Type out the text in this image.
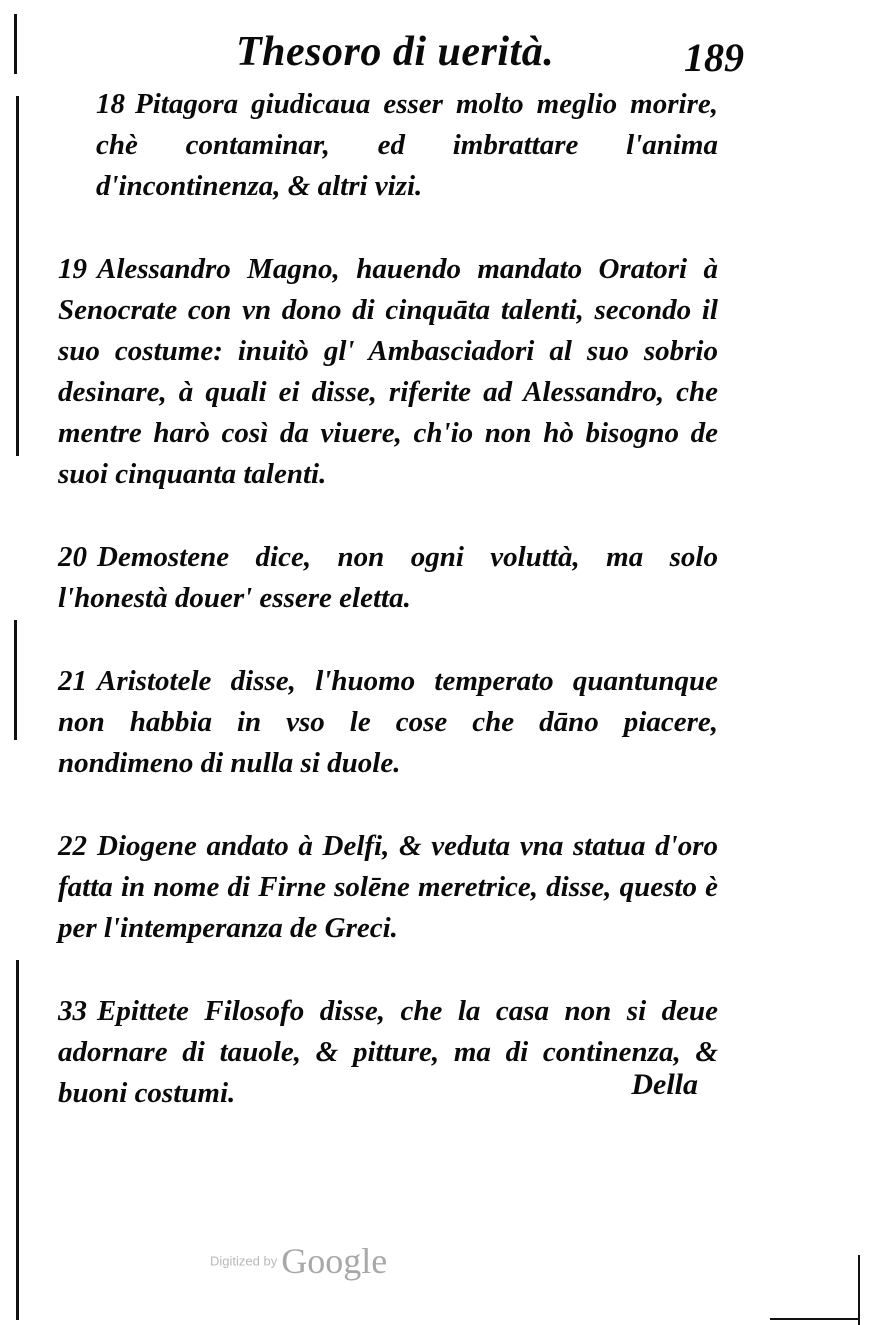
Thesoro di uerità.	189

18 Pitagora giudicaua esser molto meglio morire, chè contaminar, ed imbrattare l'anima d'incontinenza, & altri vizi.

19 Alessandro Magno, hauendo mandato Oratori à Senocrate con vn dono di cinquāta talenti, secondo il suo costume: inuitò gl' Ambasciadori al suo sobrio desinare, à quali ei disse, riferite ad Alessandro, che mentre harò così da viuere, ch'io non hò bisogno de suoi cinquanta talenti.

20 Demostene dice, non ogni voluttà, ma solo l'honestà douer' essere eletta.

21 Aristotele disse, l'huomo temperato quantunque non habbia in vso le cose che dāno piacere, nondimeno di nulla si duole.

22 Diogene andato à Delfi, & veduta vna statua d'oro fatta in nome di Firne solēne meretrice, disse, questo è per l'intemperanza de Greci.

33 Epittete Filosofo disse, che la casa non si deue adornare di tauole, & pitture, ma di continenza, & buoni costumi.	Della
Digitized by Google
